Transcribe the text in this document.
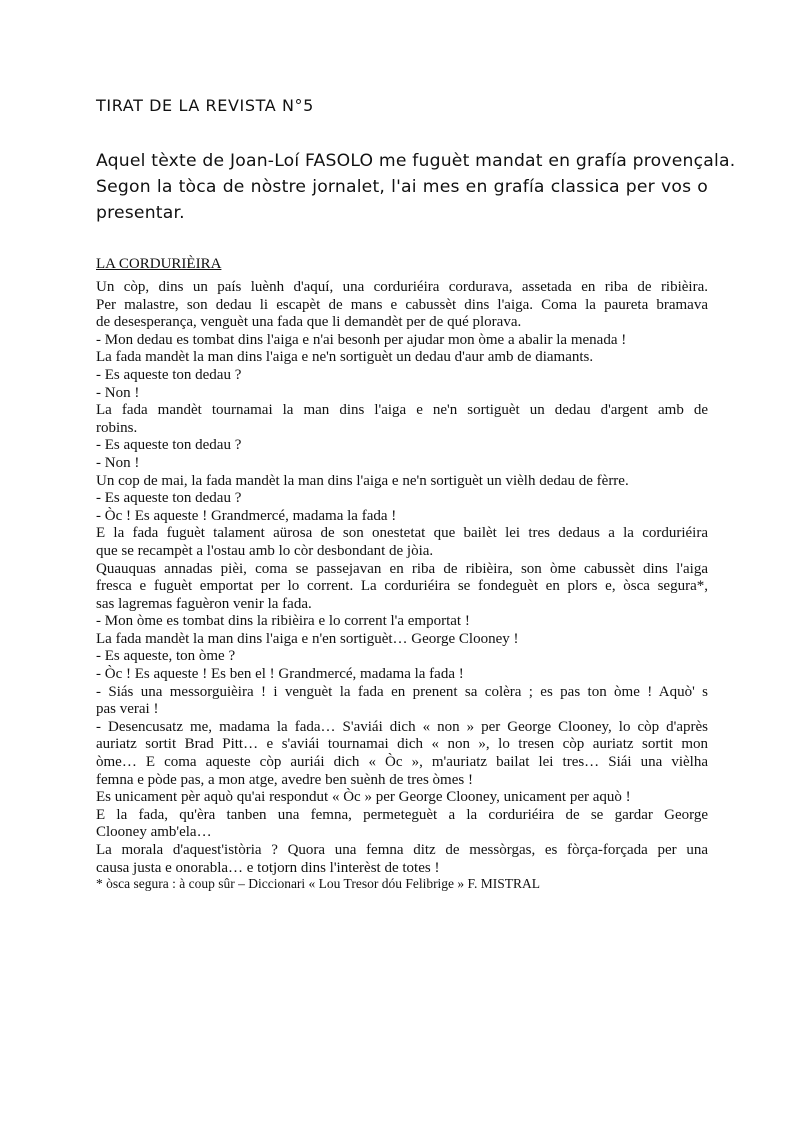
TIRAT DE LA REVISTA N°5
Aquel tèxte de Joan-Loí FASOLO me fuguèt mandat en grafía provençala.
Segon la tòca de nòstre jornalet, l'ai mes en grafía classica per vos o
presentar.
LA CORDURIÈIRA
Un còp, dins un país luènh d'aquí, una corduriéira cordurava, assetada en riba de ribièira.
Per malastre, son dedau li escapèt de mans e cabussèt dins l'aiga. Coma la paureta bramava
de desesperança, venguèt una fada que li demandèt per de qué plorava.
- Mon dedau es tombat dins l'aiga e n'ai besonh per ajudar mon òme a abalir la menada !
La fada mandèt la man dins l'aiga e ne'n sortiguèt un dedau d'aur amb de diamants.
- Es aqueste ton dedau ?
- Non !
La fada mandèt tournamai la man dins l'aiga e ne'n sortiguèt un dedau d'argent amb de
robins.
- Es aqueste ton dedau ?
- Non !
Un cop de mai, la fada mandèt la man dins l'aiga e ne'n sortiguèt un vièlh dedau de fèrre.
- Es aqueste ton dedau ?
- Òc ! Es aqueste ! Grandmercé, madama la fada !
E la fada fuguèt talament aürosa de son onestetat que bailèt lei tres dedaus a la corduriéira
que se recampèt a l'ostau amb lo còr desbondant de jòia.
Quauquas annadas pièi, coma se passejavan en riba de ribièira, son òme cabussèt dins l'aiga
fresca e fuguèt emportat per lo corrent. La corduriéira se fondeguèt en plors e, òsca segura*,
sas lagremas faguèron venir la fada.
- Mon òme es tombat dins la ribièira e lo corrent l'a emportat !
La fada mandèt la man dins l'aiga e n'en sortiguèt… George Clooney !
- Es aqueste, ton òme ?
- Òc ! Es aqueste ! Es ben el ! Grandmercé, madama la fada !
- Siás una messorguièira ! i venguèt la fada en prenent sa colèra ; es pas ton òme ! Aquò' s
pas verai !
- Desencusatz me, madama la fada… S'aviái dich « non » per George Clooney, lo còp d'après
auriatz sortit Brad Pitt… e s'aviái tournamai dich « non », lo tresen còp auriatz sortit mon
òme… E coma aqueste còp auriái dich « Òc », m'auriatz bailat lei tres… Siái una vièlha
femna e pòde pas, a mon atge, avedre ben suènh de tres òmes !
Es unicament pèr aquò qu'ai respondut « Òc » per George Clooney, unicament per aquò !
E la fada, qu'èra tanben una femna, permeteguèt a la corduriéira de se gardar George
Clooney amb'ela…
La morala d'aquest'istòria ? Quora una femna ditz de messòrgas, es fòrça-forçada per una
causa justa e onorabla… e totjorn dins l'interèst de totes !
* òsca segura : à coup sûr – Diccionari « Lou Tresor dóu Felibrige » F. MISTRAL
